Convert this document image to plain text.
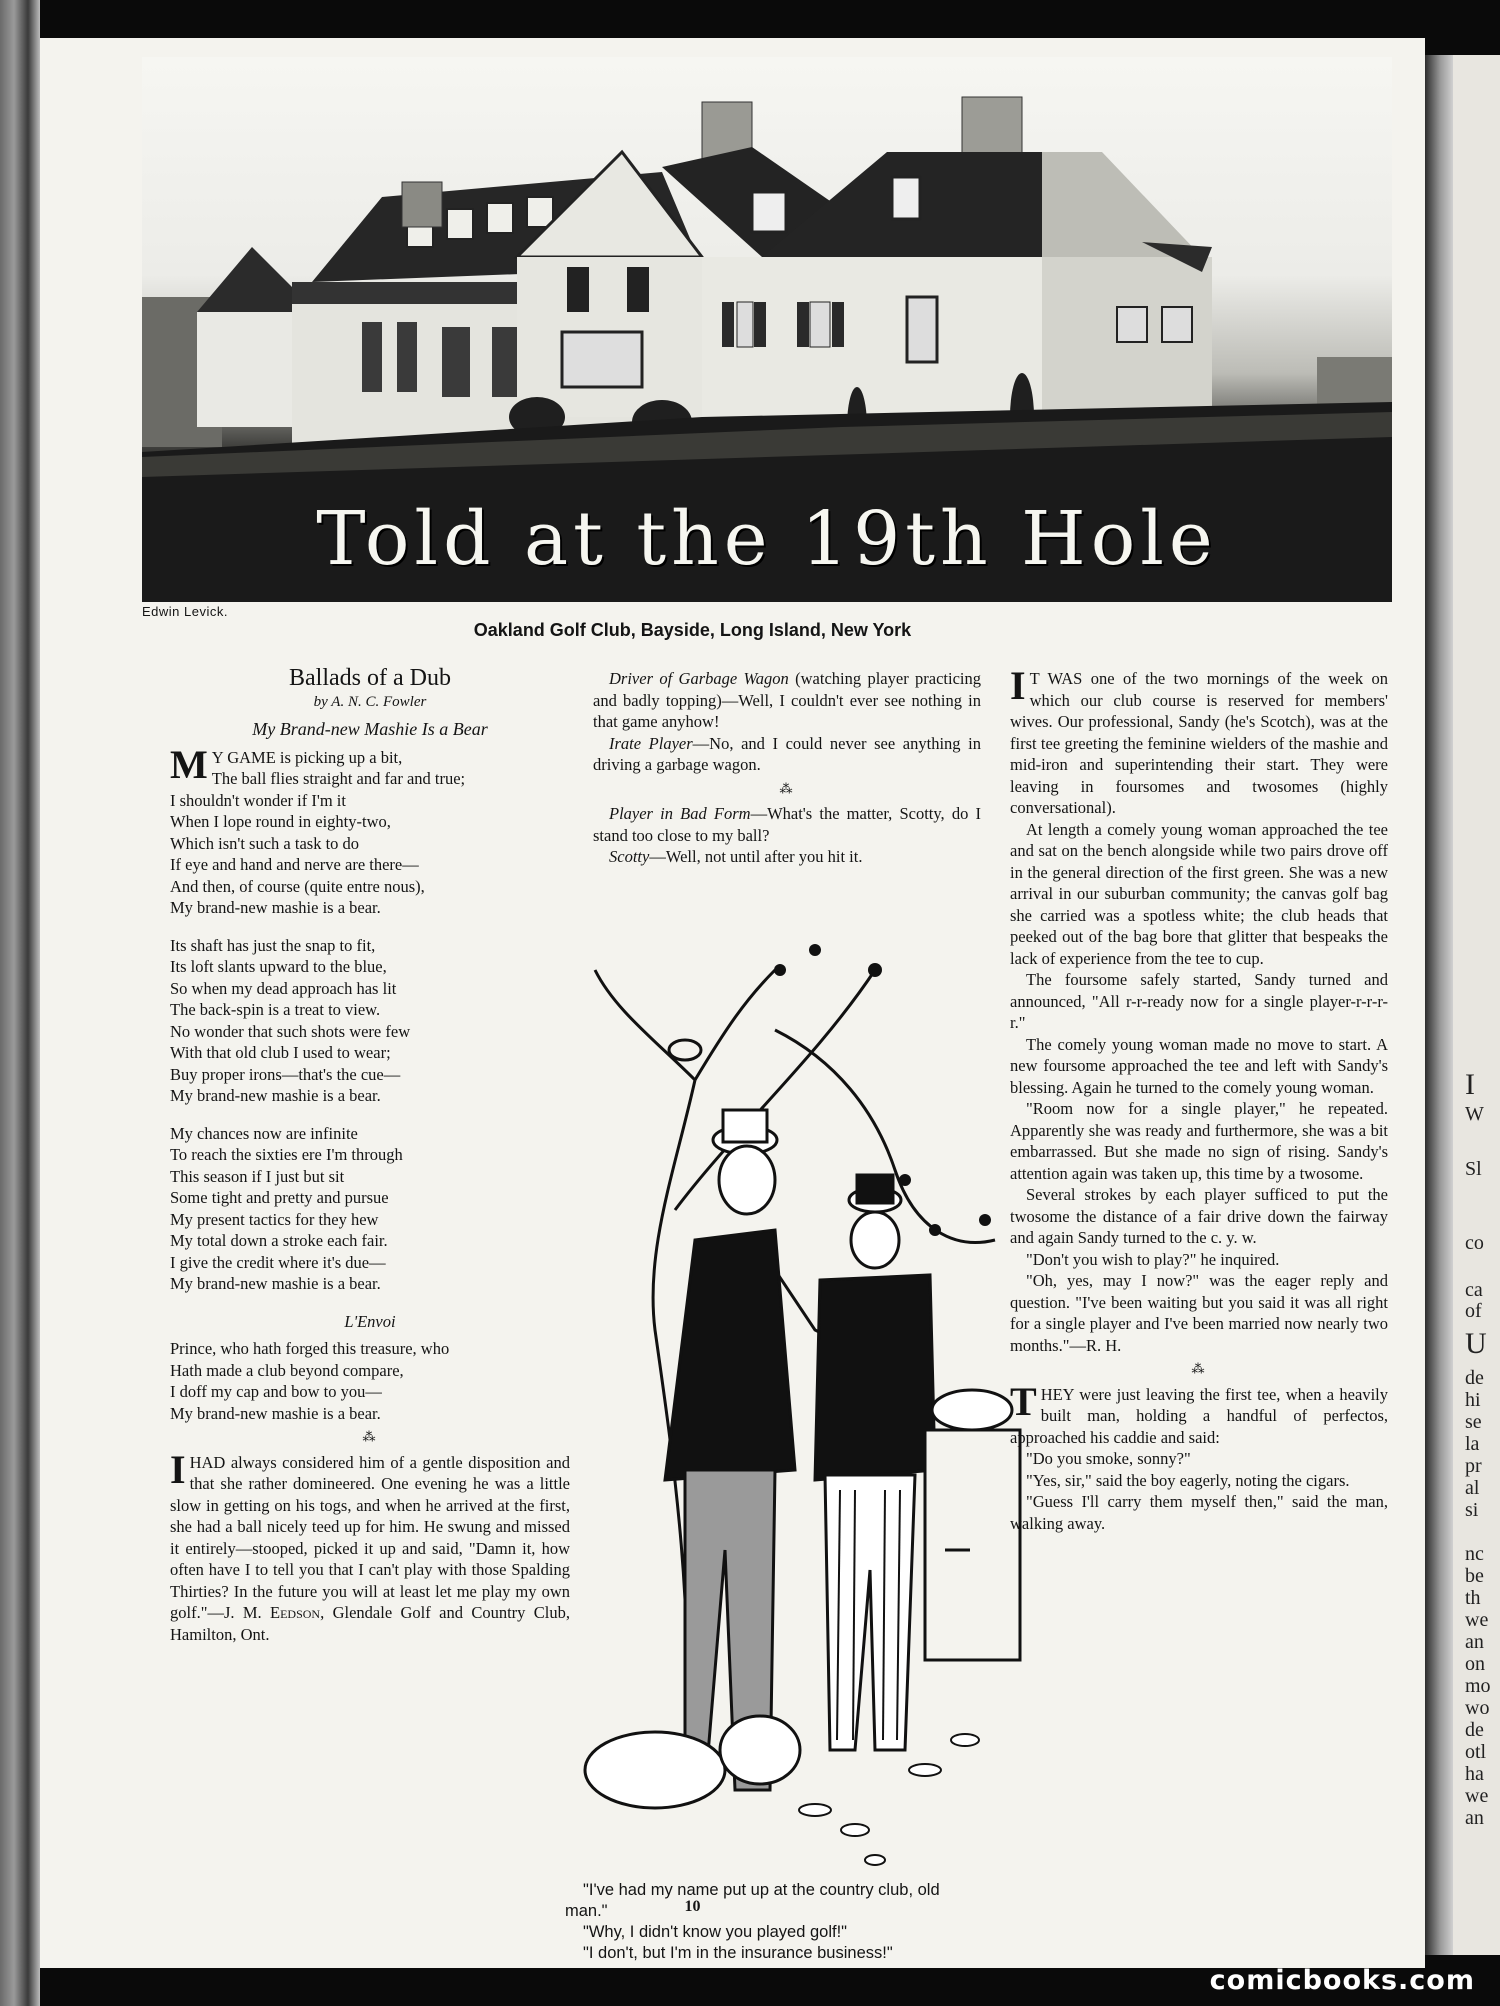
I
W
Sl
co
ca
of
U
de
hi
se
la
pr
al
si
nc
be
th
we
an
on
mo
wo
de
otl
ha
we
an
Told at the 19th Hole
Edwin Levick.
Oakland Golf Club, Bayside, Long Island, New York
Ballads of a Dub
by A. N. C. Fowler
My Brand-new Mashie Is a Bear
M Y GAME is picking up a bit,
The ball flies straight and far and true;
I shouldn't wonder if I'm it
When I lope round in eighty-two,
Which isn't such a task to do
If eye and hand and nerve are there—
And then, of course (quite entre nous),
My brand-new mashie is a bear.
Its shaft has just the snap to fit,
Its loft slants upward to the blue,
So when my dead approach has lit
The back-spin is a treat to view.
No wonder that such shots were few
With that old club I used to wear;
Buy proper irons—that's the cue—
My brand-new mashie is a bear.
My chances now are infinite
To reach the sixties ere I'm through
This season if I just but sit
Some tight and pretty and pursue
My present tactics for they hew
My total down a stroke each fair.
I give the credit where it's due—
My brand-new mashie is a bear.
L'Envoi
Prince, who hath forged this treasure, who
Hath made a club beyond compare,
I doff my cap and bow to you—
My brand-new mashie is a bear.
⁂

IHAD always considered him of a gentle disposition and that she rather domineered. One evening he was a little slow in getting on his togs, and when he arrived at the first, she had a ball nicely teed up for him. He swung and missed it entirely—stooped, picked it up and said, "Damn it, how often have I to tell you that I can't play with those Spalding Thirties? In the future you will at least let me play my own golf."—J. M. Eedson, Glendale Golf and Country Club, Hamilton, Ont.

Driver of Garbage Wagon (watching player practicing and badly topping)—Well, I couldn't ever see nothing in that game anyhow!

Irate Player—No, and I could never see anything in driving a garbage wagon.

⁂

Player in Bad Form—What's the matter, Scotty, do I stand too close to my ball?

Scotty—Well, not until after you hit it.

"I've had my name put up at the country club, old man."

"Why, I didn't know you played golf!"

"I don't, but I'm in the insurance business!"

I T WAS one of the two mornings of the week on which our club course is reserved for members' wives. Our professional, Sandy (he's Scotch), was at the first tee greeting the feminine wielders of the mashie and mid-iron and superintending their start. They were leaving in foursomes and twosomes (highly conversational).

At length a comely young woman approached the tee and sat on the bench alongside while two pairs drove off in the general direction of the first green. She was a new arrival in our suburban community; the canvas golf bag she carried was a spotless white; the club heads that peeked out of the bag bore that glitter that bespeaks the lack of experience from the tee to cup.

The foursome safely started, Sandy turned and announced, "All r-r-ready now for a single player-r-r-r-r."

The comely young woman made no move to start. A new foursome approached the tee and left with Sandy's blessing. Again he turned to the comely young woman.

"Room now for a single player," he repeated. Apparently she was ready and furthermore, she was a bit embarrassed. But she made no sign of rising. Sandy's attention again was taken up, this time by a twosome.

Several strokes by each player sufficed to put the twosome the distance of a fair drive down the fairway and again Sandy turned to the c. y. w.

"Don't you wish to play?" he inquired.

"Oh, yes, may I now?" was the eager reply and question. "I've been waiting but you said it was all right for a single player and I've been married now nearly two months."—R. H.

⁂

THEY were just leaving the first tee, when a heavily built man, holding a handful of perfectos, approached his caddie and said:

"Do you smoke, sonny?"

"Yes, sir," said the boy eagerly, noting the cigars.

"Guess I'll carry them myself then," said the man, walking away.

10
comicbooks.com
